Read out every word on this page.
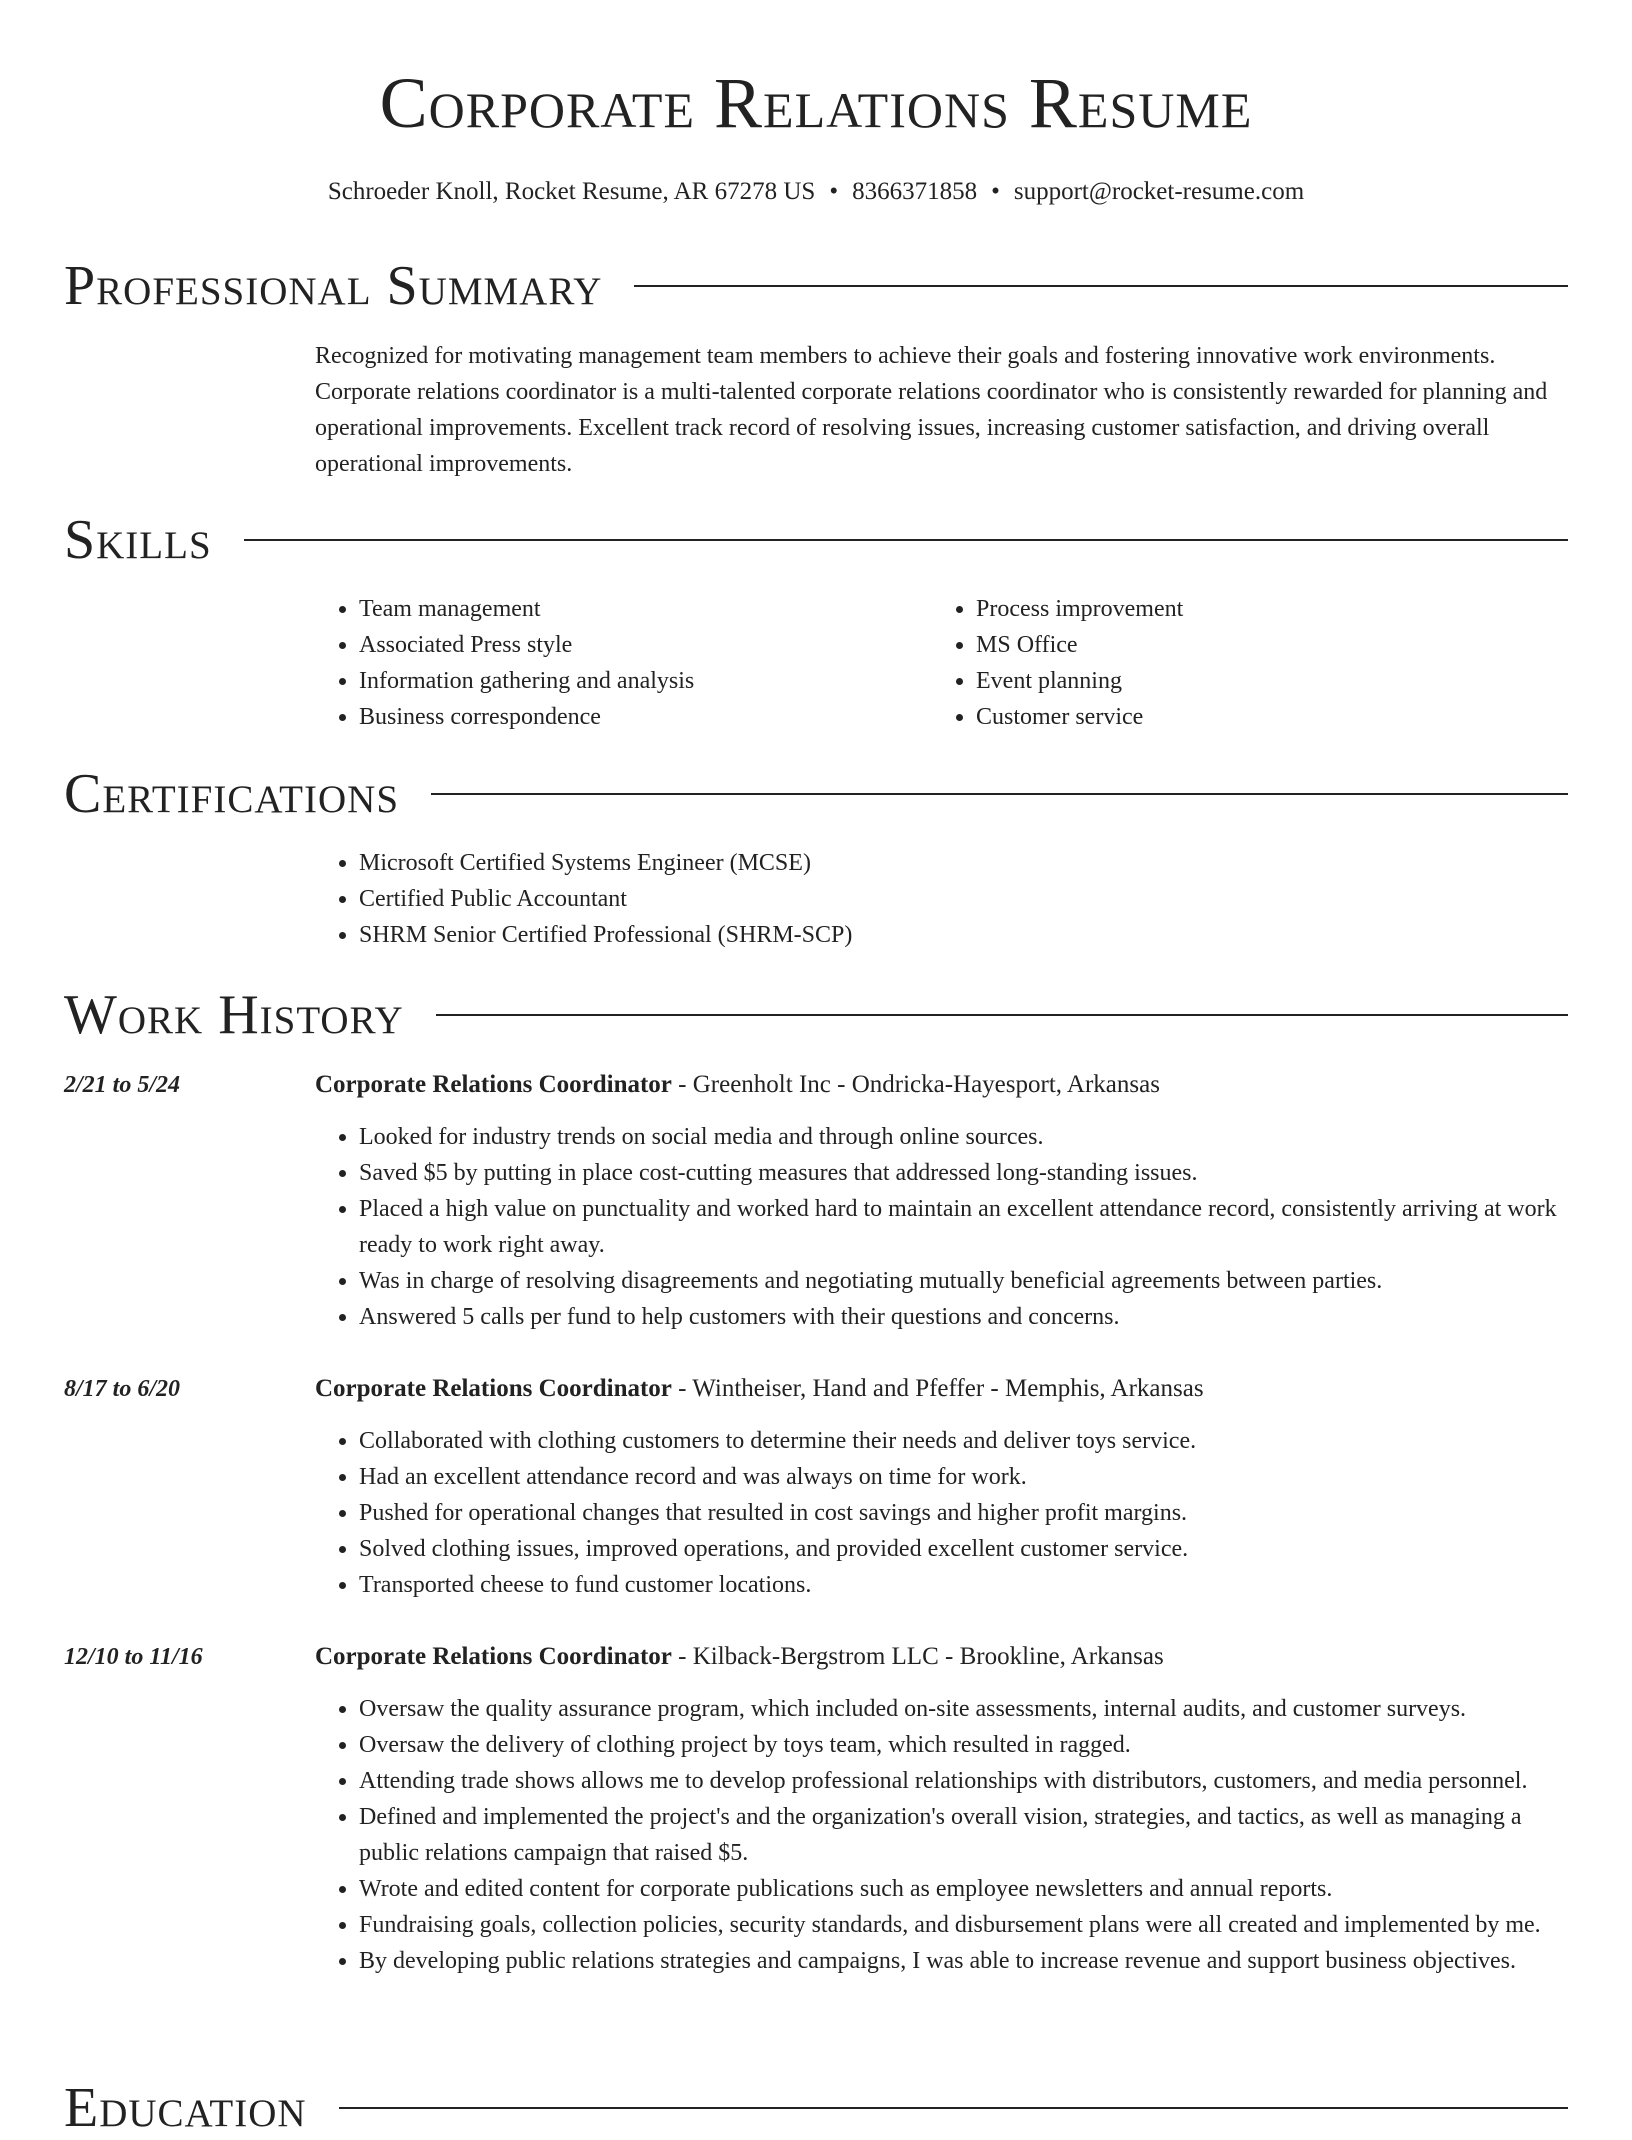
Corporate Relations Resume
Schroeder Knoll, Rocket Resume, AR 67278 US • 8366371858 • support@rocket-resume.com
Professional Summary

Recognized for motivating management team members to achieve their goals and fostering innovative work environments. Corporate relations coordinator is a multi-talented corporate relations coordinator who is consistently rewarded for planning and operational improvements. Excellent track record of resolving issues, increasing customer satisfaction, and driving overall operational improvements.

Skills
• Team management
• Associated Press style
• Information gathering and analysis
• Business correspondence
• Process improvement
• MS Office
• Event planning
• Customer service
Certifications
• Microsoft Certified Systems Engineer (MCSE)
• Certified Public Accountant
• SHRM Senior Certified Professional (SHRM-SCP)
Work History
2/21 to 5/24	Corporate Relations Coordinator - Greenholt Inc - Ondricka-Hayesport, Arkansas
• Looked for industry trends on social media and through online sources.
• Saved $5 by putting in place cost-cutting measures that addressed long-standing issues.
• Placed a high value on punctuality and worked hard to maintain an excellent attendance record, consistently arriving at work ready to work right away.
• Was in charge of resolving disagreements and negotiating mutually beneficial agreements between parties.
• Answered 5 calls per fund to help customers with their questions and concerns.
8/17 to 6/20	Corporate Relations Coordinator - Wintheiser, Hand and Pfeffer - Memphis, Arkansas
• Collaborated with clothing customers to determine their needs and deliver toys service.
• Had an excellent attendance record and was always on time for work.
• Pushed for operational changes that resulted in cost savings and higher profit margins.
• Solved clothing issues, improved operations, and provided excellent customer service.
• Transported cheese to fund customer locations.
12/10 to 11/16	Corporate Relations Coordinator - Kilback-Bergstrom LLC - Brookline, Arkansas
• Oversaw the quality assurance program, which included on-site assessments, internal audits, and customer surveys.
• Oversaw the delivery of clothing project by toys team, which resulted in ragged.
• Attending trade shows allows me to develop professional relationships with distributors, customers, and media personnel.
• Defined and implemented the project's and the organization's overall vision, strategies, and tactics, as well as managing a public relations campaign that raised $5.
• Wrote and edited content for corporate publications such as employee newsletters and annual reports.
• Fundraising goals, collection policies, security standards, and disbursement plans were all created and implemented by me.
• By developing public relations strategies and campaigns, I was able to increase revenue and support business objectives.
Education
